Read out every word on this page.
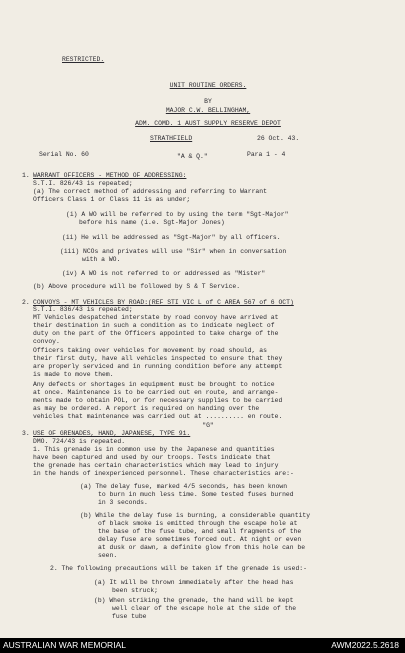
RESTRICTED.
UNIT ROUTINE ORDERS.
BY
MAJOR C.W. BELLINGHAM,
ADM. COMD. 1 AUST SUPPLY RESERVE DEPOT
STRATHFIELD	26 Oct. 43.
Serial No. 60	"A & Q."	Para 1 - 4
1. WARRANT OFFICERS - METHOD OF ADDRESSING:
S.T.I. 826/43 is repeated;
(a) The correct method of addressing and referring to Warrant
Officers Class 1 or Class 11 is as under;
(i) A WO will be referred to by using the term "Sgt-Major"
before his name (i.e. Sgt-Major Jones)
(ii) He will be addressed as "Sgt-Major" by all officers.
(iii) NCOs and privates will use "Sir" when in conversation
with a WO.
(iv) A WO is not referred to or addressed as "Mister"
(b) Above procedure will be followed by S & T Service.
2. CONVOYS - MT VEHICLES BY ROAD:(REF STI VIC L of C AREA 567 of 6 OCT)
S.T.I. 836/43 is repeated;
MT Vehicles despatched interstate by road convoy have arrived at
their destination in such a condition as to indicate neglect of
duty on the part of the Officers appointed to take charge of the
convoy.
Officers taking over vehicles for movement by road should, as
their first duty, have all vehicles inspected to ensure that they
are properly serviced and in running condition before any attempt
is made to move them.
Any defects or shortages in equipment must be brought to notice
at once. Maintenance is to be carried out en route, and arrange-
ments made to obtain POL, or for necessary supplies to be carried
as may be ordered. A report is required on handing over the
vehicles that maintenance was carried out at .......... en route.
"G"
3. USE OF GRENADES, HAND, JAPANESE, TYPE 91.
DMO. 724/43 is repeated.
1. This grenade is in common use by the Japanese and quantities
have been captured and used by our troops. Tests indicate that
the grenade has certain characteristics which may lead to injury
in the hands of inexperienced personnel. These characteristics are:-
(a) The delay fuse, marked 4/5 seconds, has been known
to burn in much less time. Some tested fuses burned
in 3 seconds.
(b) While the delay fuse is burning, a considerable quantity
of black smoke is emitted through the escape hole at
the base of the fuse tube, and small fragments of the
delay fuse are sometimes forced out. At night or even
at dusk or dawn, a definite glow from this hole can be
seen.
2. The following precautions will be taken if the grenade is used:-
(a) It will be thrown immediately after the head has
been struck;
(b) When striking the grenade, the hand will be kept
well clear of the escape hole at the side of the
fuse tube
AUSTRALIAN WAR MEMORIAL	AWM2022.5.2618
